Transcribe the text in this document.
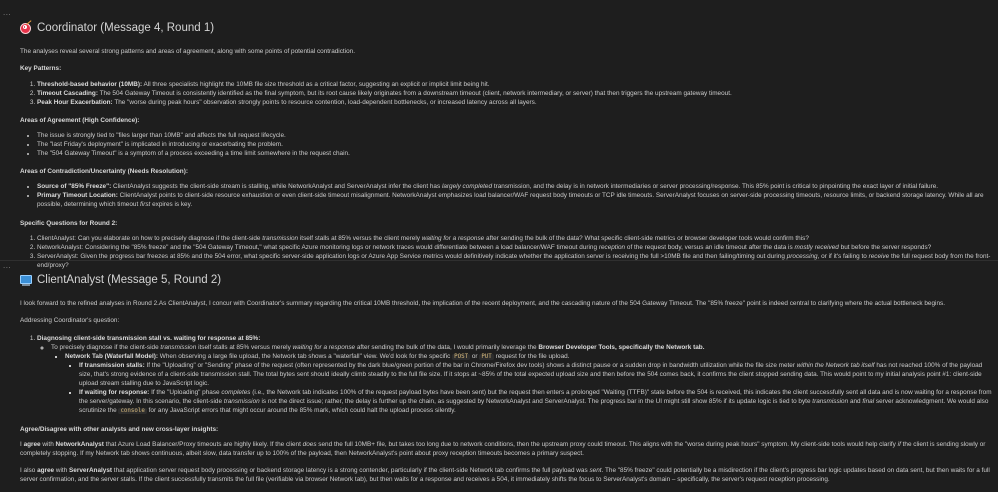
...
Coordinator (Message 4, Round 1)

The analyses reveal several strong patterns and areas of agreement, along with some points of potential contradiction.

Key Patterns:
1. Threshold-based behavior (10MB): All three specialists highlight the 10MB file size threshold as a critical factor, suggesting an explicit or implicit limit being hit.
2. Timeout Cascading: The 504 Gateway Timeout is consistently identified as the final symptom, but its root cause likely originates from a downstream timeout (client, network intermediary, or server) that then triggers the upstream gateway timeout.
3. Peak Hour Exacerbation: The "worse during peak hours" observation strongly points to resource contention, load-dependent bottlenecks, or increased latency across all layers.
Areas of Agreement (High Confidence):
• The issue is strongly tied to "files larger than 10MB" and affects the full request lifecycle.
• The "last Friday's deployment" is implicated in introducing or exacerbating the problem.
• The "504 Gateway Timeout" is a symptom of a process exceeding a time limit somewhere in the request chain.
Areas of Contradiction/Uncertainty (Needs Resolution):
• Source of "85% Freeze": ClientAnalyst suggests the client-side stream is stalling, while NetworkAnalyst and ServerAnalyst infer the client has largely completed transmission, and the delay is in network intermediaries or server processing/response. This 85% point is critical to pinpointing the exact layer of initial failure.
• Primary Timeout Location: ClientAnalyst points to client-side resource exhaustion or even client-side timeout misalignment. NetworkAnalyst emphasizes load balancer/WAF request body timeouts or TCP idle timeouts. ServerAnalyst focuses on server-side processing timeouts, resource limits, or backend storage latency. While all are possible, determining which timeout first expires is key.
Specific Questions for Round 2:
1. ClientAnalyst: Can you elaborate on how to precisely diagnose if the client-side transmission itself stalls at 85% versus the client merely waiting for a response after sending the bulk of the data? What specific client-side metrics or browser developer tools would confirm this?
2. NetworkAnalyst: Considering the "85% freeze" and the "504 Gateway Timeout," what specific Azure monitoring logs or network traces would differentiate between a load balancer/WAF timeout during reception of the request body, versus an idle timeout after the data is mostly received but before the server responds?
3. ServerAnalyst: Given the progress bar freezes at 85% and the 504 error, what specific server-side application logs or Azure App Service metrics would definitively indicate whether the application server is receiving the full >10MB file and then failing/timing out during processing, or if it's failing to receive the full request body from the front-end/proxy?
...
ClientAnalyst (Message 5, Round 2)

I look forward to the refined analyses in Round 2.As ClientAnalyst, I concur with Coordinator's summary regarding the critical 10MB threshold, the implication of the recent deployment, and the cascading nature of the 504 Gateway Timeout. The "85% freeze" point is indeed central to clarifying where the actual bottleneck begins.

Addressing Coordinator's question:

1. Diagnosing client-side transmission stall vs. waiting for response at 85%:
◦ To precisely diagnose if the client-side transmission itself stalls at 85% versus merely waiting for a response after sending the bulk of the data, I would primarily leverage the Browser Developer Tools, specifically the Network tab.
▪ Network Tab (Waterfall Model): When observing a large file upload, the Network tab shows a "waterfall" view. We'd look for the specific POST or PUT request for the file upload.
▪ If transmission stalls: If the "Uploading" or "Sending" phase of the request (often represented by the dark blue/green portion of the bar in Chrome/Firefox dev tools) shows a distinct pause or a sudden drop in bandwidth utilization while the file size meter within the Network tab itself has not reached 100% of the payload size, that's strong evidence of a client-side transmission stall. The total bytes sent should ideally climb steadily to the full file size. If it stops at ~85% of the total expected upload size and then before the 504 comes back, it confirms the client stopped sending data. This would point to my initial analysis point #1: client-side upload stream stalling due to JavaScript logic.
▪ If waiting for response: If the "Uploading" phase completes (i.e., the Network tab indicates 100% of the request payload bytes have been sent) but the request then enters a prolonged "Waiting (TTFB)" state before the 504 is received, this indicates the client successfully sent all data and is now waiting for a response from the server/gateway. In this scenario, the client-side transmission is not the direct issue; rather, the delay is further up the chain, as suggested by NetworkAnalyst and ServerAnalyst. The progress bar in the UI might still show 85% if its update logic is tied to byte transmission and final server acknowledgment. We would also scrutinize the console for any JavaScript errors that might occur around the 85% mark, which could halt the upload process silently.
Agree/Disagree with other analysts and new cross-layer insights:

I agree with NetworkAnalyst that Azure Load Balancer/Proxy timeouts are highly likely. If the client does send the full 10MB+ file, but takes too long due to network conditions, then the upstream proxy could timeout. This aligns with the "worse during peak hours" symptom. My client-side tools would help clarify if the client is sending slowly or completely stopping. If my Network tab shows continuous, albeit slow, data transfer up to 100% of the payload, then NetworkAnalyst's point about proxy reception timeouts becomes a primary suspect.

I also agree with ServerAnalyst that application server request body processing or backend storage latency is a strong contender, particularly if the client-side Network tab confirms the full payload was sent. The "85% freeze" could potentially be a misdirection if the client's progress bar logic updates based on data sent, but then waits for a full server confirmation, and the server stalls. If the client successfully transmits the full file (verifiable via browser Network tab), but then waits for a response and receives a 504, it immediately shifts the focus to ServerAnalyst's domain – specifically, the server's request reception processing.
